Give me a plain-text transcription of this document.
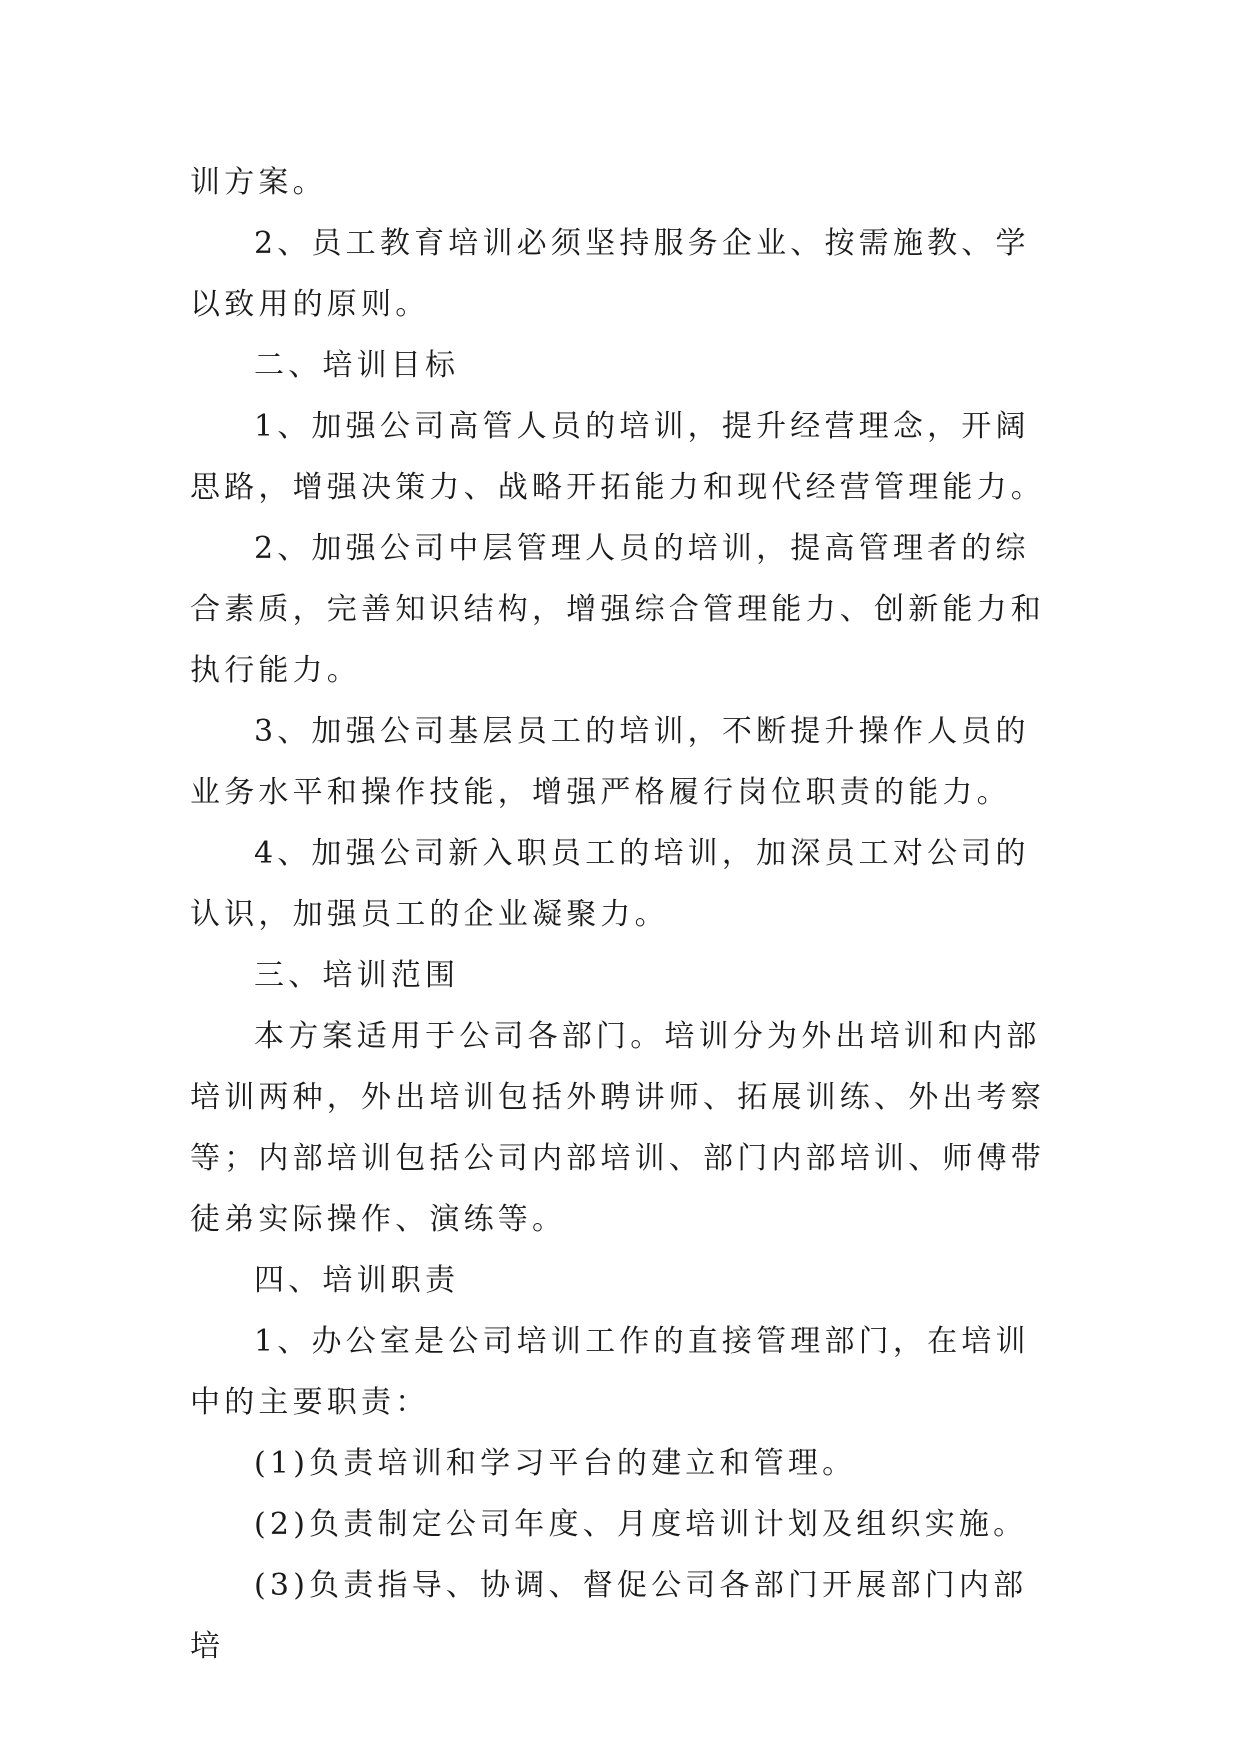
训方案。

2、员工教育培训必须坚持服务企业、按需施教、学以致用的原则。

二、培训目标

1、加强公司高管人员的培训，提升经营理念，开阔思路，增强决策力、战略开拓能力和现代经营管理能力。

2、加强公司中层管理人员的培训，提高管理者的综合素质，完善知识结构，增强综合管理能力、创新能力和执行能力。

3、加强公司基层员工的培训，不断提升操作人员的业务水平和操作技能，增强严格履行岗位职责的能力。

4、加强公司新入职员工的培训，加深员工对公司的认识，加强员工的企业凝聚力。

三、培训范围

本方案适用于公司各部门。培训分为外出培训和内部培训两种，外出培训包括外聘讲师、拓展训练、外出考察等；内部培训包括公司内部培训、部门内部培训、师傅带徒弟实际操作、演练等。

四、培训职责

1、办公室是公司培训工作的直接管理部门，在培训中的主要职责：

(1)负责培训和学习平台的建立和管理。

(2)负责制定公司年度、月度培训计划及组织实施。

(3)负责指导、协调、督促公司各部门开展部门内部培
